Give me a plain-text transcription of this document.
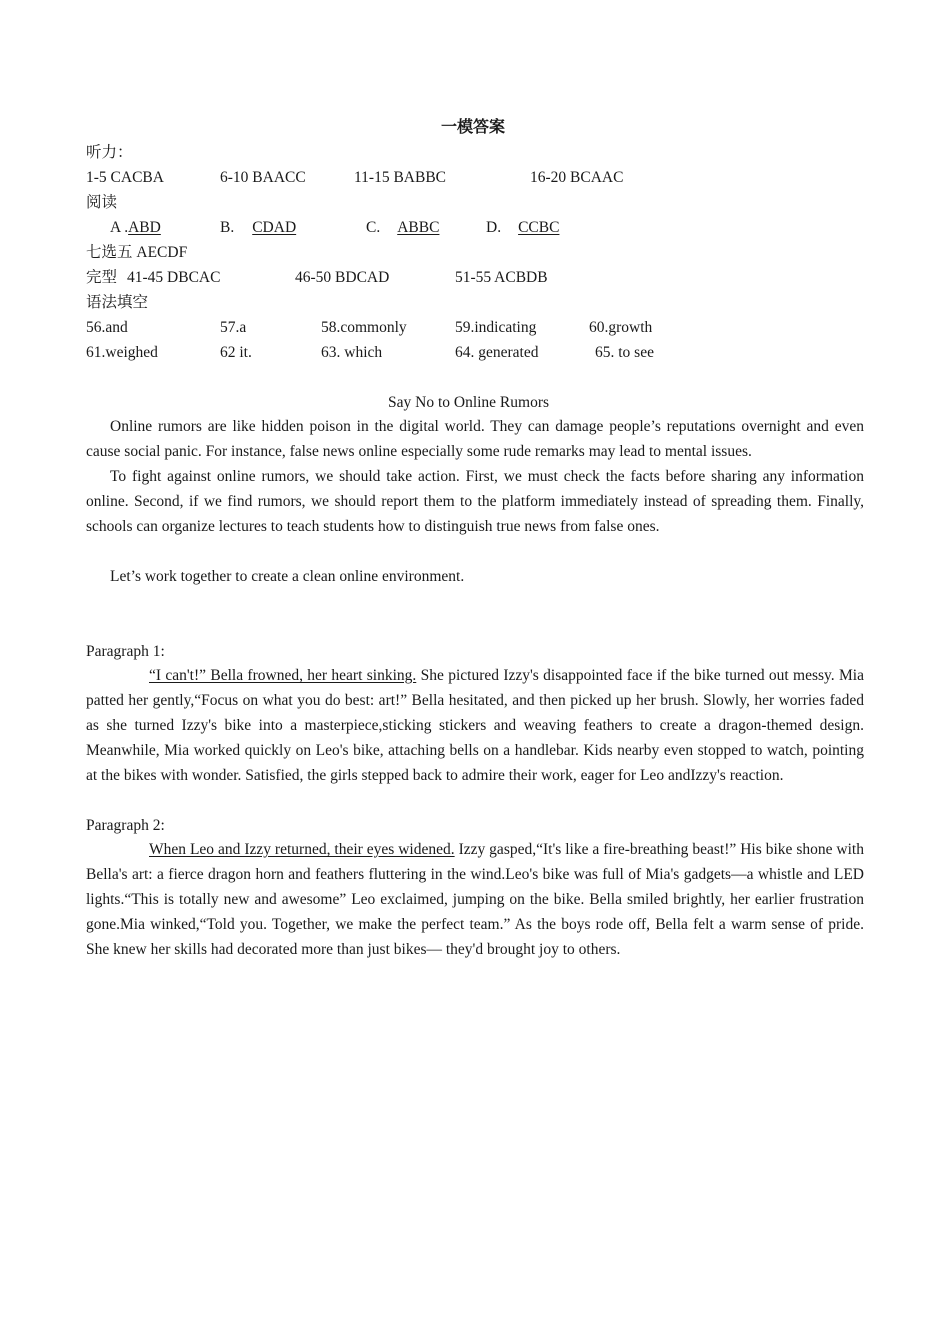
一模答案
听力：
1-5 CACBA	6-10 BAACC	11-15 BABBC	16-20 BCAAC
阅读
A .ABD	B. CDAD	C. ABBC	D. CCBC
七选五 AECDF
完型 41-45 DBCAC	46-50 BDCAD	51-55 ACBDB
语法填空
56.and	57.a	58.commonly	59.indicating	60.growth
61.weighed	62 it.	63. which	64. generated	65. to see
Say No to Online Rumors
Online rumors are like hidden poison in the digital world. They can damage people’s reputations overnight and even cause social panic. For instance, false news online especially some rude remarks may lead to mental issues.
To fight against online rumors, we should take action. First, we must check the facts before sharing any information online. Second, if we find rumors, we should report them to the platform immediately instead of spreading them. Finally, schools can organize lectures to teach students how to distinguish true news from false ones.
Let’s work together to create a clean online environment.
Paragraph 1:
“I can't!” Bella frowned, her heart sinking. She pictured Izzy's disappointed face if the bike turned out messy. Mia patted her gently,“Focus on what you do best: art!” Bella hesitated, and then picked up her brush. Slowly, her worries faded as she turned Izzy's bike into a masterpiece,sticking stickers and weaving feathers to create a dragon-themed design. Meanwhile, Mia worked quickly on Leo's bike, attaching bells on a handlebar. Kids nearby even stopped to watch, pointing at the bikes with wonder. Satisfied, the girls stepped back to admire their work, eager for Leo andIzzy's reaction.
Paragraph 2:
When Leo and Izzy returned, their eyes widened. Izzy gasped,“It's like a fire-breathing beast!” His bike shone with Bella's art: a fierce dragon horn and feathers fluttering in the wind.Leo's bike was full of Mia's gadgets—a whistle and LED lights.“This is totally new and awesome” Leo exclaimed, jumping on the bike. Bella smiled brightly, her earlier frustration gone.Mia winked,“Told you. Together, we make the perfect team.” As the boys rode off, Bella felt a warm sense of pride. She knew her skills had decorated more than just bikes— they'd brought joy to others.
